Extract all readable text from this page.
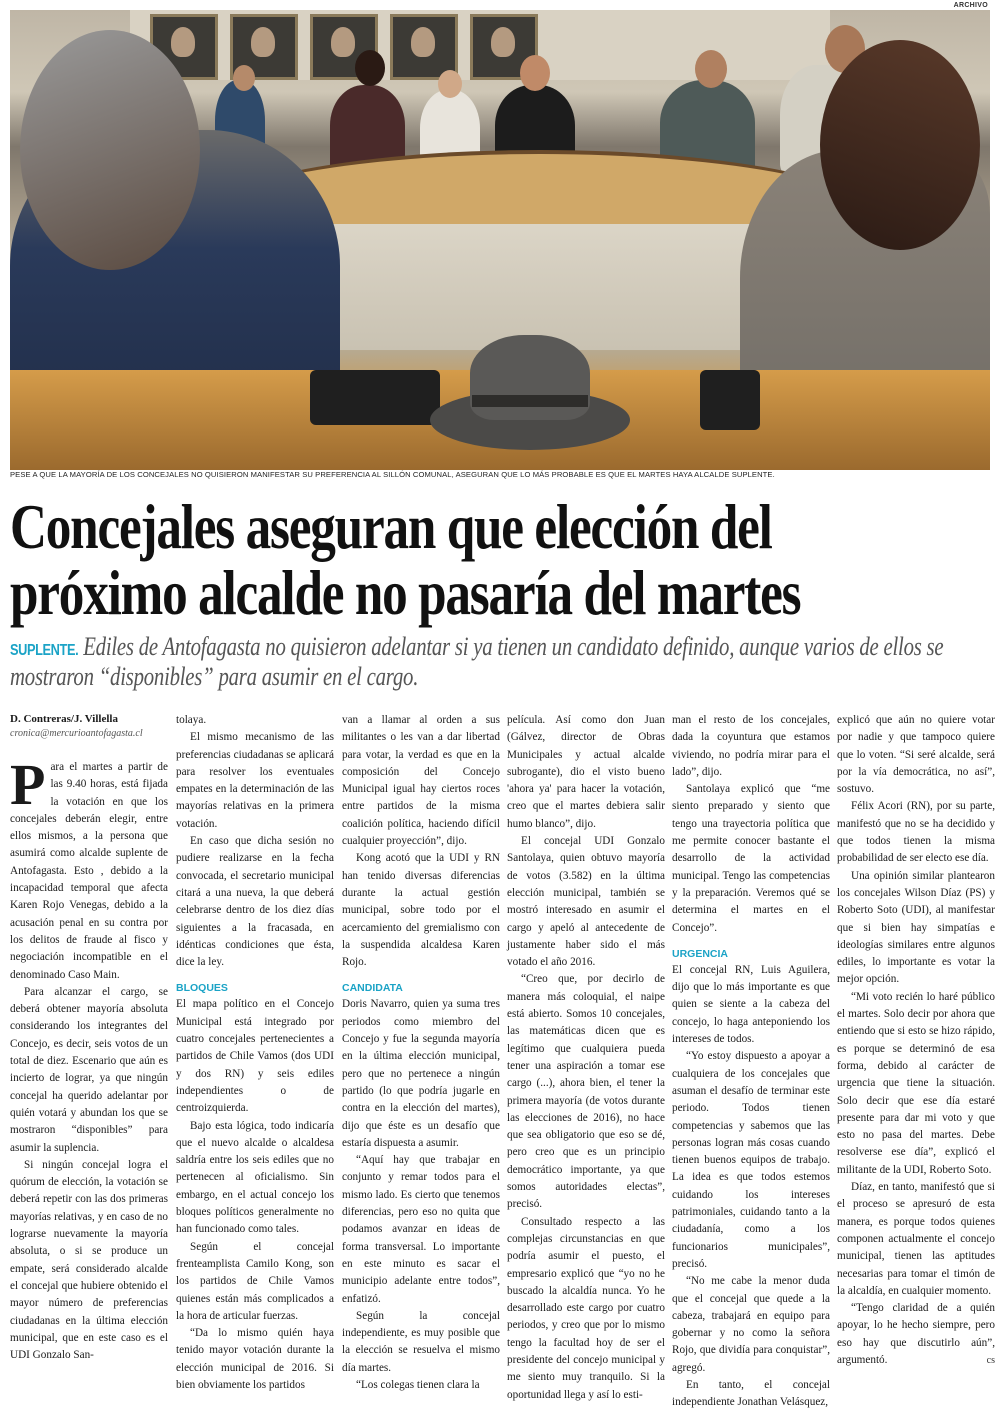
ARCHIVO
PESE A QUE LA MAYORÍA DE LOS CONCEJALES NO QUISIERON MANIFESTAR SU PREFERENCIA AL SILLÓN COMUNAL, ASEGURAN QUE LO MÁS PROBABLE ES QUE EL MARTES HAYA ALCALDE SUPLENTE.
Concejales aseguran que elección del
próximo alcalde no pasaría del martes
SUPLENTE. Ediles de Antofagasta no quisieron adelantar si ya tienen un candidato definido, aunque varios de ellos se mostraron “disponibles” para asumir en el cargo.
D. Contreras/J. Villella
cronica@mercurioantofagasta.cl

Para el martes a partir de las 9.40 horas, está fijada la votación en que los concejales deberán elegir, entre ellos mismos, a la persona que asumirá como alcalde suplente de Antofagasta. Esto , debido a la incapacidad temporal que afecta Karen Rojo Venegas, debido a la acusación penal en su contra por los delitos de fraude al fisco y negociación incompatible en el denominado Caso Main.

Para alcanzar el cargo, se deberá obtener mayoría absoluta considerando los integrantes del Concejo, es decir, seis votos de un total de diez. Escenario que aún es incierto de lograr, ya que ningún concejal ha querido adelantar por quién votará y abundan los que se mostraron “disponibles” para asumir la suplencia.

Si ningún concejal logra el quórum de elección, la votación se deberá repetir con las dos primeras mayorías relativas, y en caso de no lograrse nuevamente la mayoría absoluta, o si se produce un empate, será considerado alcalde el concejal que hubiere obtenido el mayor número de preferencias ciudadanas en la última elección municipal, que en este caso es el UDI Gonzalo San-

tolaya.

El mismo mecanismo de las preferencias ciudadanas se aplicará para resolver los eventuales empates en la determinación de las mayorías relativas en la primera votación.

En caso que dicha sesión no pudiere realizarse en la fecha convocada, el secretario municipal citará a una nueva, la que deberá celebrarse dentro de los diez días siguientes a la fracasada, en idénticas condiciones que ésta, dice la ley.

BLOQUES

El mapa político en el Concejo Municipal está integrado por cuatro concejales pertenecientes a partidos de Chile Vamos (dos UDI y dos RN) y seis ediles independientes o de centroizquierda.

Bajo esta lógica, todo indicaría que el nuevo alcalde o alcaldesa saldría entre los seis ediles que no pertenecen al oficialismo. Sin embargo, en el actual concejo los bloques políticos generalmente no han funcionado como tales.

Según el concejal frenteamplista Camilo Kong, son los partidos de Chile Vamos quienes están más complicados a la hora de articular fuerzas.

“Da lo mismo quién haya tenido mayor votación durante la elección municipal de 2016. Si bien obviamente los partidos

van a llamar al orden a sus militantes o les van a dar libertad para votar, la verdad es que en la composición del Concejo Municipal igual hay ciertos roces entre partidos de la misma coalición política, haciendo difícil cualquier proyección”, dijo.

Kong acotó que la UDI y RN han tenido diversas diferencias durante la actual gestión municipal, sobre todo por el acercamiento del gremialismo con la suspendida alcaldesa Karen Rojo.

CANDIDATA

Doris Navarro, quien ya suma tres periodos como miembro del Concejo y fue la segunda mayoría en la última elección municipal, pero que no pertenece a ningún partido (lo que podría jugarle en contra en la elección del martes), dijo que éste es un desafío que estaría dispuesta a asumir.

“Aquí hay que trabajar en conjunto y remar todos para el mismo lado. Es cierto que tenemos diferencias, pero eso no quita que podamos avanzar en ideas de forma transversal. Lo importante en este minuto es sacar el municipio adelante entre todos”, enfatizó.

Según la concejal independiente, es muy posible que la elección se resuelva el mismo día martes.

“Los colegas tienen clara la

película. Así como don Juan (Gálvez, director de Obras Municipales y actual alcalde subrogante), dio el visto bueno 'ahora ya' para hacer la votación, creo que el martes debiera salir humo blanco”, dijo.

El concejal UDI Gonzalo Santolaya, quien obtuvo mayoría de votos (3.582) en la última elección municipal, también se mostró interesado en asumir el cargo y apeló al antecedente de justamente haber sido el más votado el año 2016.

“Creo que, por decirlo de manera más coloquial, el naipe está abierto. Somos 10 concejales, las matemáticas dicen que es legítimo que cualquiera pueda tener una aspiración a tomar ese cargo (...), ahora bien, el tener la primera mayoría (de votos durante las elecciones de 2016), no hace que sea obligatorio que eso se dé, pero creo que es un principio democrático importante, ya que somos autoridades electas”, precisó.

Consultado respecto a las complejas circunstancias en que podría asumir el puesto, el empresario explicó que “yo no he buscado la alcaldía nunca. Yo he desarrollado este cargo por cuatro periodos, y creo que por lo mismo tengo la facultad hoy de ser el presidente del concejo municipal y me siento muy tranquilo. Si la oportunidad llega y así lo esti-

man el resto de los concejales, dada la coyuntura que estamos viviendo, no podría mirar para el lado”, dijo.

Santolaya explicó que “me siento preparado y siento que tengo una trayectoria política que me permite conocer bastante el desarrollo de la actividad municipal. Tengo las competencias y la preparación. Veremos qué se determina el martes en el Concejo”.

URGENCIA

El concejal RN, Luis Aguilera, dijo que lo más importante es que quien se siente a la cabeza del concejo, lo haga anteponiendo los intereses de todos.

“Yo estoy dispuesto a apoyar a cualquiera de los concejales que asuman el desafío de terminar este periodo. Todos tienen competencias y sabemos que las personas logran más cosas cuando tienen buenos equipos de trabajo. La idea es que todos estemos cuidando los intereses patrimoniales, cuidando tanto a la ciudadanía, como a los funcionarios municipales”, precisó.

“No me cabe la menor duda que el concejal que quede a la cabeza, trabajará en equipo para gobernar y no como la señora Rojo, que dividía para conquistar”, agregó.

En tanto, el concejal independiente Jonathan Velásquez,

explicó que aún no quiere votar por nadie y que tampoco quiere que lo voten. “Si seré alcalde, será por la vía democrática, no así”, sostuvo.

Félix Acori (RN), por su parte, manifestó que no se ha decidido y que todos tienen la misma probabilidad de ser electo ese día.

Una opinión similar plantearon los concejales Wilson Díaz (PS) y Roberto Soto (UDI), al manifestar que si bien hay simpatías e ideologías similares entre algunos ediles, lo importante es votar la mejor opción.

“Mi voto recién lo haré público el martes. Solo decir por ahora que entiendo que si esto se hizo rápido, es porque se determinó de esa forma, debido al carácter de urgencia que tiene la situación. Solo decir que ese día estaré presente para dar mi voto y que esto no pasa del martes. Debe resolverse ese día”, explicó el militante de la UDI, Roberto Soto.

Díaz, en tanto, manifestó que si el proceso se apresuró de esta manera, es porque todos quienes componen actualmente el concejo municipal, tienen las aptitudes necesarias para tomar el timón de la alcaldía, en cualquier momento.

“Tengo claridad de a quién apoyar, lo he hecho siempre, pero eso hay que discutirlo aún”, argumentó.	cs
